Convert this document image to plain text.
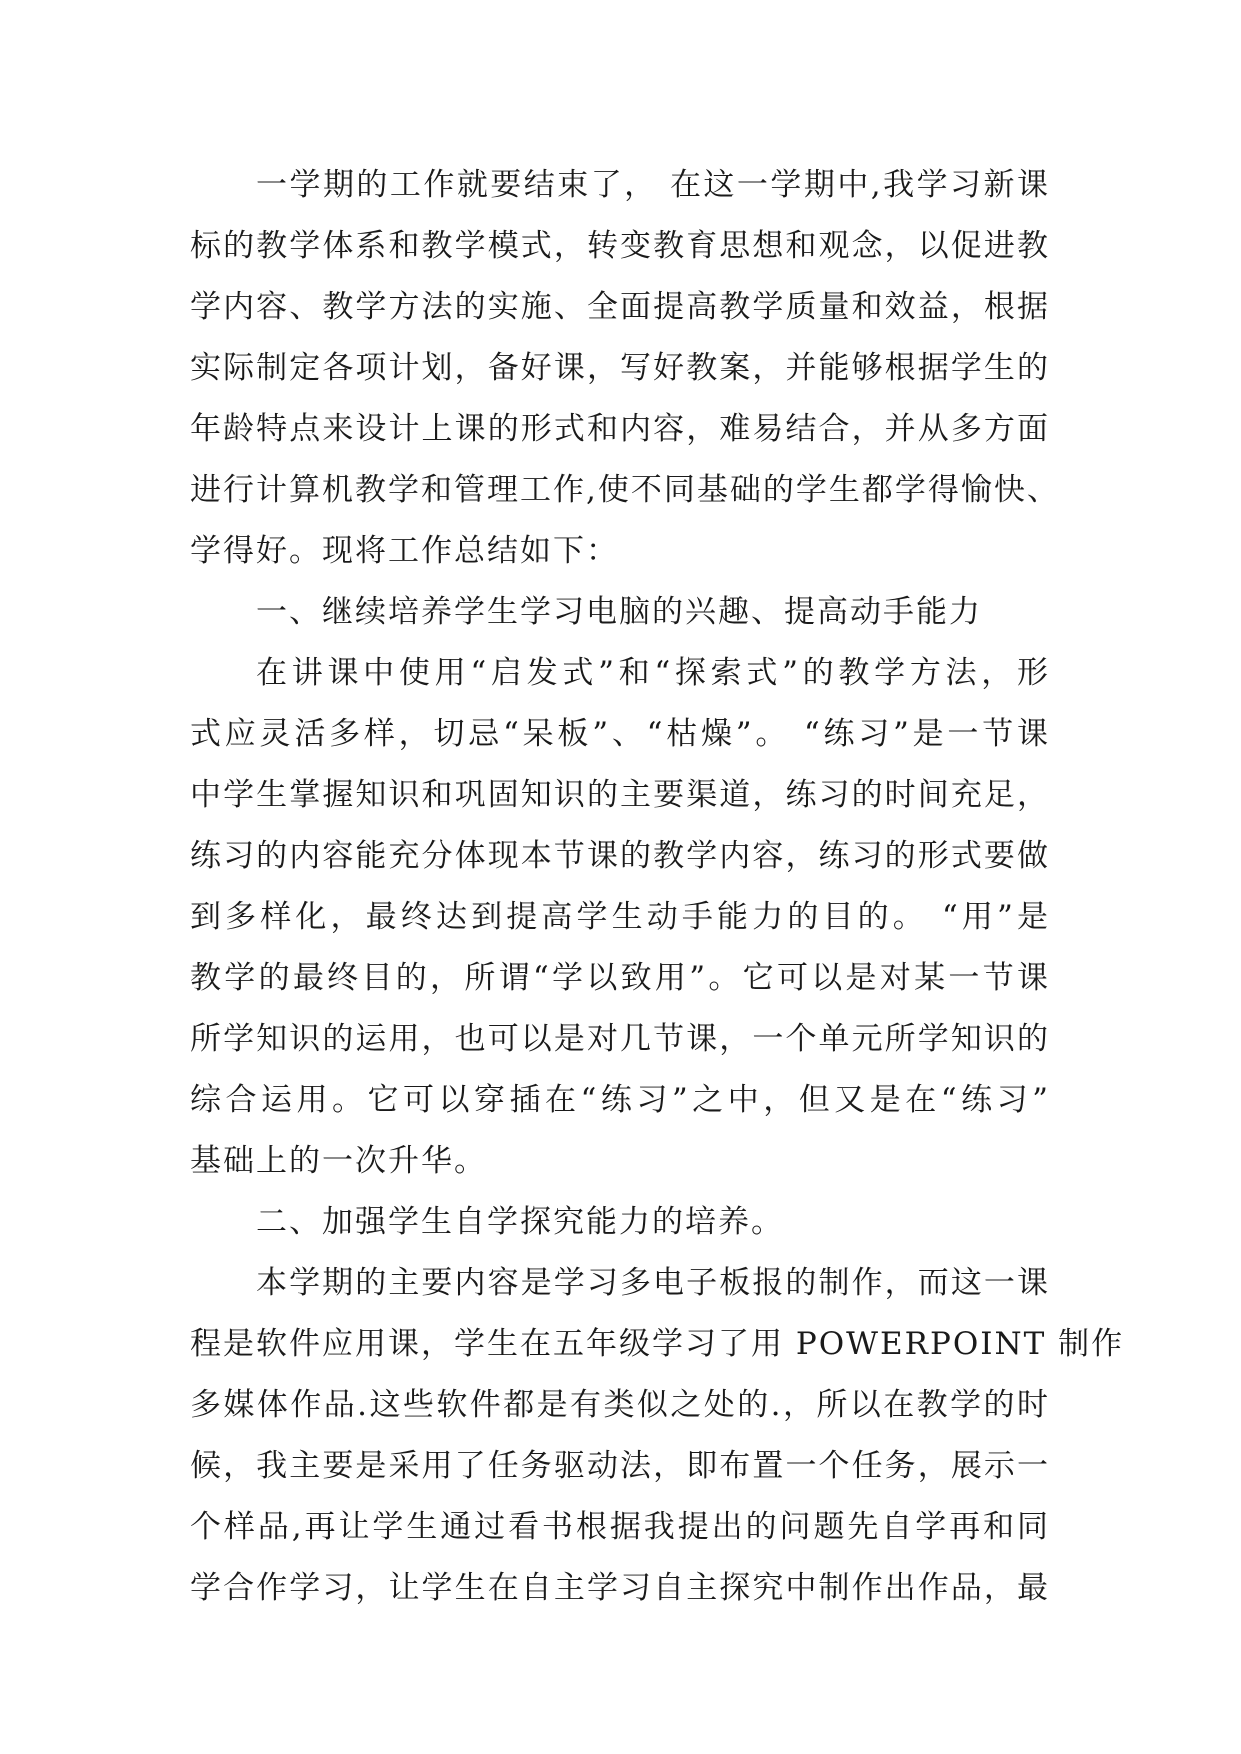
一学期的工作就要结束了， 在这一学期中,我学习新课
标的教学体系和教学模式，转变教育思想和观念，以促进教
学内容、教学方法的实施、全面提高教学质量和效益，根据
实际制定各项计划，备好课，写好教案，并能够根据学生的
年龄特点来设计上课的形式和内容，难易结合，并从多方面
进行计算机教学和管理工作,使不同基础的学生都学得愉快、
学得好。现将工作总结如下：
一、继续培养学生学习电脑的兴趣、提高动手能力
在讲课中使用“启发式”和“探索式”的教学方法，形
式应灵活多样，切忌“呆板”、“枯燥”。 “练习”是一节课
中学生掌握知识和巩固知识的主要渠道，练习的时间充足，
练习的内容能充分体现本节课的教学内容，练习的形式要做
到多样化，最终达到提高学生动手能力的目的。 “用”是
教学的最终目的，所谓“学以致用”。它可以是对某一节课
所学知识的运用，也可以是对几节课，一个单元所学知识的
综合运用。它可以穿插在“练习”之中，但又是在“练习”
基础上的一次升华。
二、加强学生自学探究能力的培养。
本学期的主要内容是学习多电子板报的制作，而这一课
程是软件应用课，学生在五年级学习了用 POWERPOINT 制作
多媒体作品.这些软件都是有类似之处的.，所以在教学的时
候，我主要是采用了任务驱动法，即布置一个任务，展示一
个样品,再让学生通过看书根据我提出的问题先自学再和同
学合作学习，让学生在自主学习自主探究中制作出作品，最
